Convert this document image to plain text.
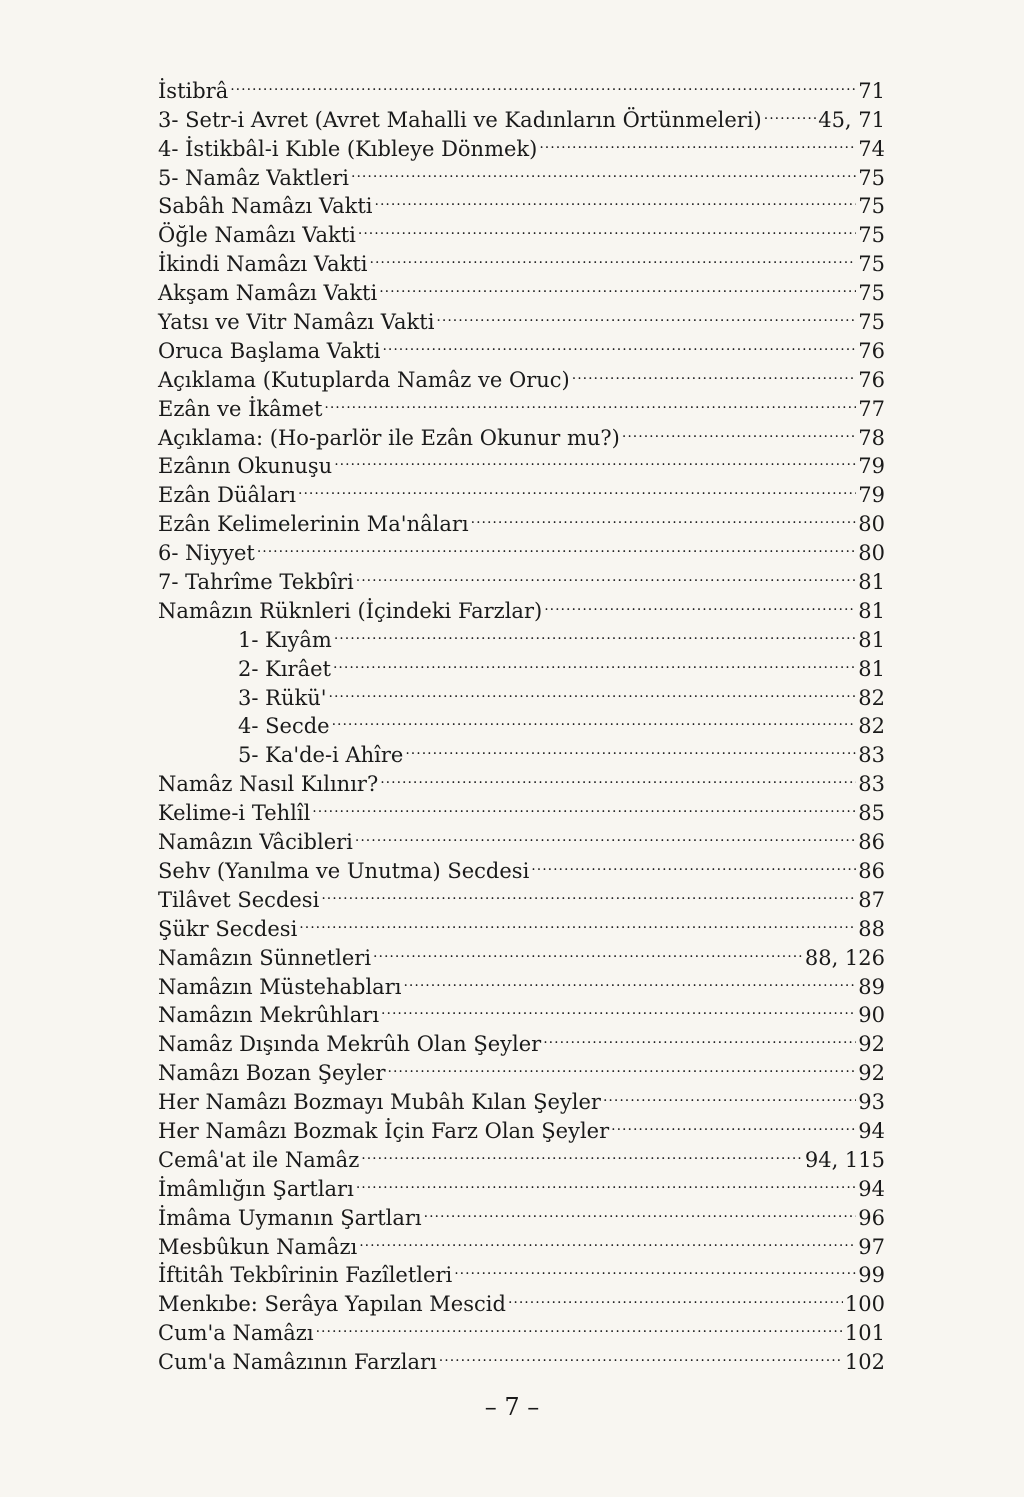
İstibrâ .....	71
3- Setr-i Avret (Avret Mahalli ve Kadınların Örtünmeleri) .....	45, 71
4- İstikbâl-i Kıble (Kıbleye Dönmek) .....	74
5- Namâz Vaktleri .....	75
Sabâh Namâzı Vakti .....	75
Öğle Namâzı Vakti .....	75
İkindi Namâzı Vakti .....	75
Akşam Namâzı Vakti .....	75
Yatsı ve Vitr Namâzı Vakti .....	75
Oruca Başlama Vakti .....	76
Açıklama (Kutuplarda Namâz ve Oruc) .....	76
Ezân ve İkâmet .....	77
Açıklama: (Ho-parlör ile Ezân Okunur mu?) .....	78
Ezânın Okunuşu .....	79
Ezân Düâları .....	79
Ezân Kelimelerinin Ma'nâları .....	80
6- Niyyet .....	80
7- Tahrîme Tekbîri .....	81
Namâzın Rüknleri (İçindeki Farzlar) .....	81
1- Kıyâm .....	81
2- Kırâet .....	81
3- Rükü' .....	82
4- Secde .....	82
5- Ka'de-i Ahîre .....	83
Namâz Nasıl Kılınır? .....	83
Kelime-i Tehlîl .....	85
Namâzın Vâcibleri .....	86
Sehv (Yanılma ve Unutma) Secdesi .....	86
Tilâvet Secdesi .....	87
Şükr Secdesi .....	88
Namâzın Sünnetleri .....	88, 126
Namâzın Müstehabları .....	89
Namâzın Mekrûhları .....	90
Namâz Dışında Mekrûh Olan Şeyler .....	92
Namâzı Bozan Şeyler .....	92
Her Namâzı Bozmayı Mubâh Kılan Şeyler .....	93
Her Namâzı Bozmak İçin Farz Olan Şeyler .....	94
Cemâ'at ile Namâz .....	94, 115
İmâmlığın Şartları .....	94
İmâma Uymanın Şartları .....	96
Mesbûkun Namâzı .....	97
İftitâh Tekbîrinin Fazîletleri .....	99
Menkıbe: Serâya Yapılan Mescid .....	100
Cum'a Namâzı .....	101
Cum'a Namâzının Farzları .....	102
– 7 –
